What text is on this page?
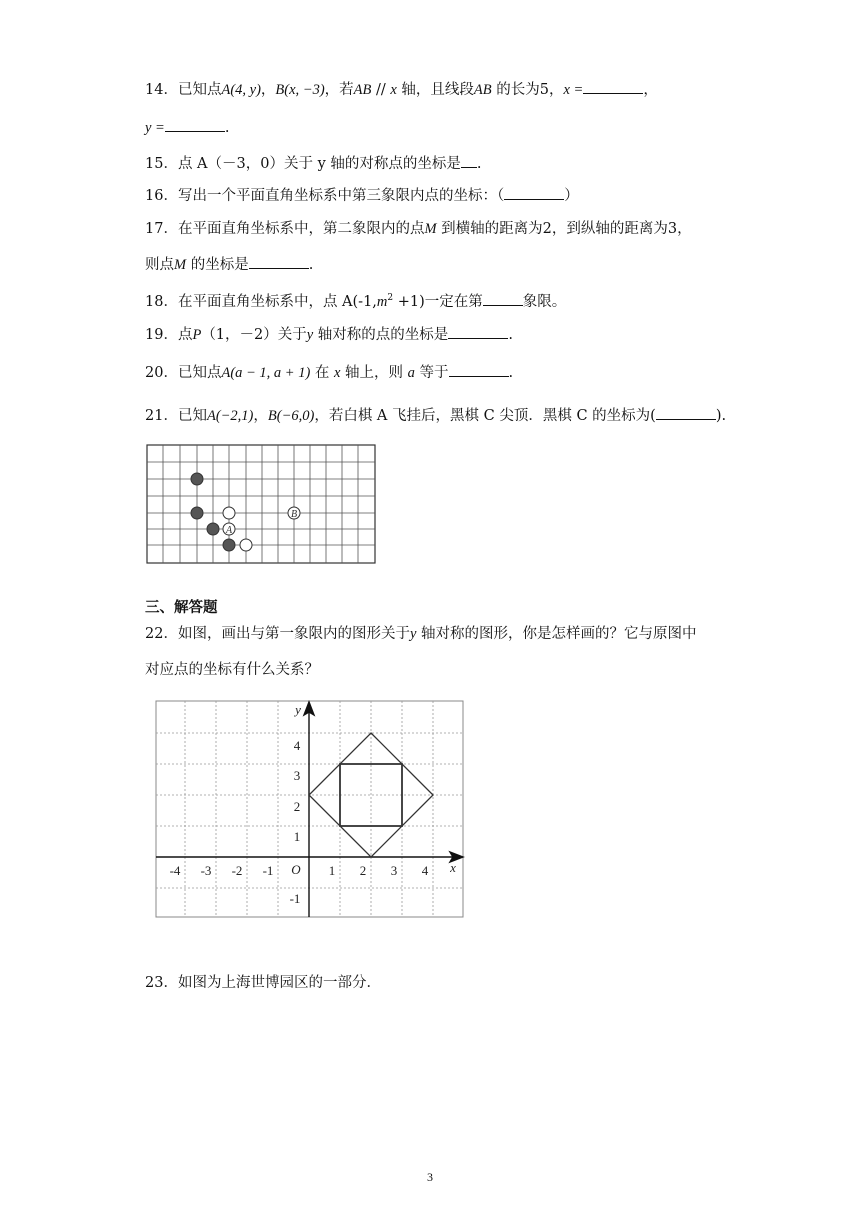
14．已知点A(4, y)，B(x, −3)，若AB // x 轴，且线段AB 的长为5，x =	，
y =	.
15．点 A（－3，0）关于 y 轴的对称点的坐标是 .
16．写出一个平面直角坐标系中第三象限内点的坐标：（	）
17．在平面直角坐标系中，第二象限内的点M 到横轴的距离为2，到纵轴的距离为3，
则点M 的坐标是	.
18．在平面直角坐标系中，点 $A(-1,m^2 +1)$一定在第	象限。
19．点P（1，－2）关于y 轴对称的点的坐标是	.
20．已知点A(a − 1, a + 1) 在 x 轴上，则 a 等于	.
21．已知A(−2,1)，B(−6,0)，若白棋 A 飞挂后，黑棋 C 尖顶．黑棋 C 的坐标为(	).
A
B
三、解答题
22．如图，画出与第一象限内的图形关于y 轴对称的图形，你是怎样画的？它与原图中
对应点的坐标有什么关系？
-4 -3 -2 -1	1 2 3 4
4
3
2
1
-1
O	x
y
23．如图为上海世博园区的一部分．
3
